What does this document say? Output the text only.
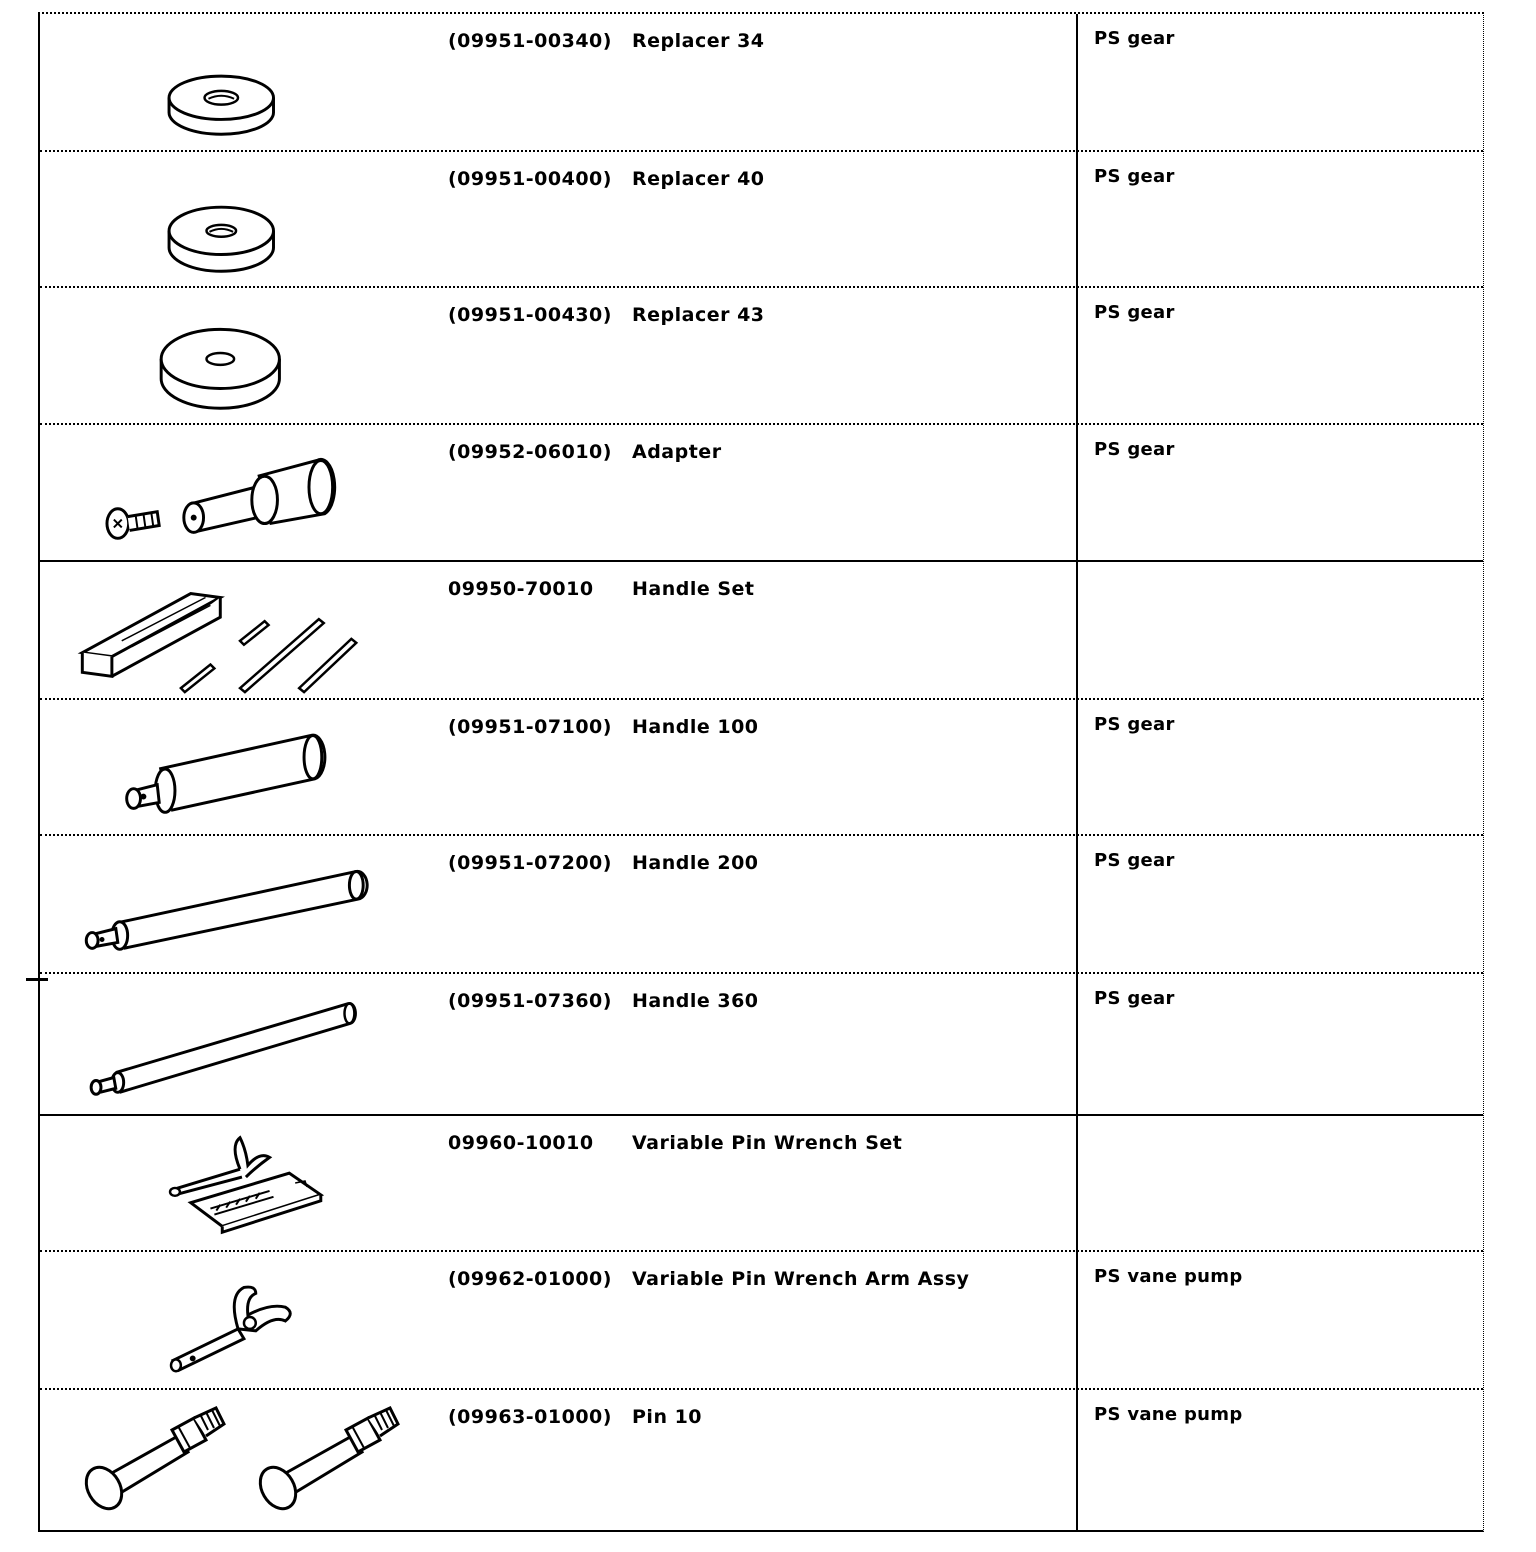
(09951-00340) Replacer 34	PS gear
(09951-00400) Replacer 40	PS gear
(09951-00430) Replacer 43	PS gear
(09952-06010) Adapter	PS gear
09950-70010 Handle Set
(09951-07100) Handle 100	PS gear
(09951-07200) Handle 200	PS gear
(09951-07360) Handle 360	PS gear
09960-10010 Variable Pin Wrench Set
(09962-01000) Variable Pin Wrench Arm Assy	PS vane pump
(09963-01000) Pin 10	PS vane pump
